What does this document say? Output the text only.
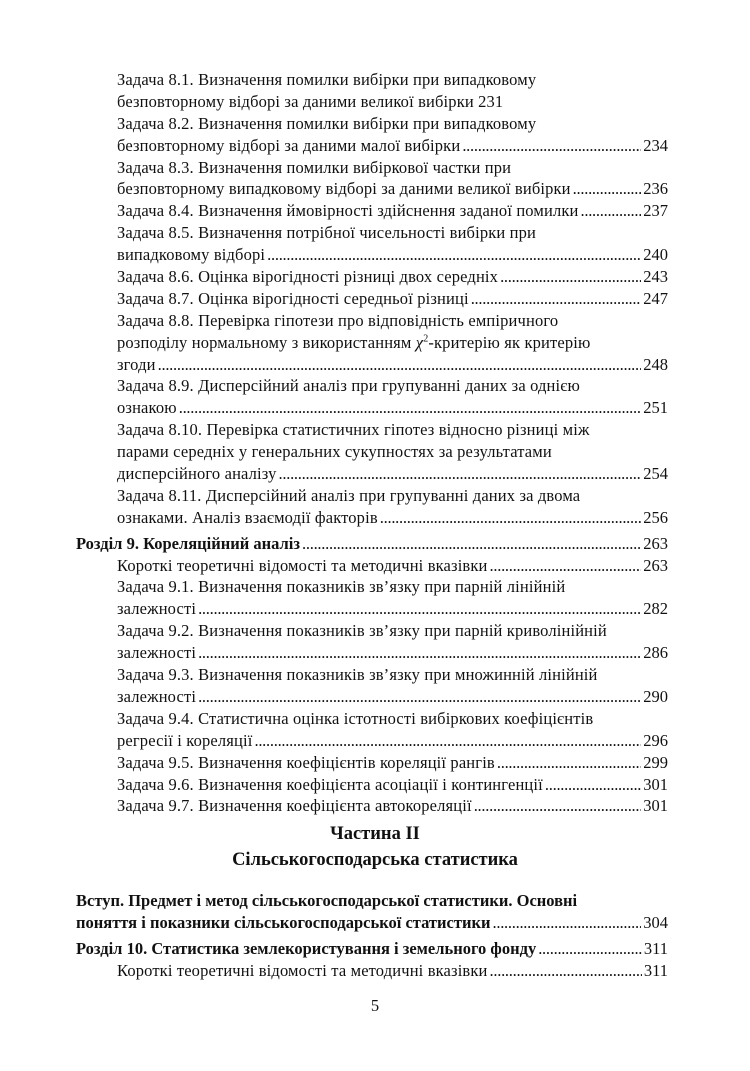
Задача 8.1. Визначення помилки вибірки при випадковому
безповторному відборі за даними великої вибірки 231
Задача 8.2. Визначення помилки вибірки при випадковому
безповторному відборі за даними малої вибірки . . .	234
Задача 8.3. Визначення помилки вибіркової частки при
безповторному випадковому відборі за даними великої вибірки . . .	236
Задача 8.4. Визначення ймовірності здійснення заданої помилки . . .	237
Задача 8.5. Визначення потрібної чисельності вибірки при
випадковому відборі . . .	240
Задача 8.6. Оцінка вірогідності різниці двох середніх . . .	243
Задача 8.7. Оцінка вірогідності середньої різниці . . .	247
Задача 8.8. Перевірка гіпотези про відповідність емпіричного
розподілу нормальному з використанням $\chi^2$-критерію як критерію
згоди . . .	248
Задача 8.9. Дисперсійний аналіз при групуванні даних за однією
ознакою . . .	251
Задача 8.10. Перевірка статистичних гіпотез відносно різниці між
парами середніх у генеральних сукупностях за результатами
дисперсійного аналізу . . .	254
Задача 8.11. Дисперсійний аналіз при групуванні даних за двома
ознаками. Аналіз взаємодії факторів . . .	256
Розділ 9. Кореляційний аналіз . . .	263
Короткі теоретичні відомості та методичні вказівки . . .	263
Задача 9.1. Визначення показників зв’язку при парній лінійній
залежності . . .	282
Задача 9.2. Визначення показників зв’язку при парній криволінійній
залежності . . .	286
Задача 9.3. Визначення показників зв’язку при множинній лінійній
залежності . . .	290
Задача 9.4. Статистична оцінка істотності вибіркових коефіцієнтів
регресії і кореляції . . .	296
Задача 9.5. Визначення коефіцієнтів кореляції рангів . . .	299
Задача 9.6. Визначення коефіцієнта асоціації і контингенції . . .	301
Задача 9.7. Визначення коефіцієнта автокореляції . . .	301
Частина II
Сільськогосподарська статистика
Вступ. Предмет і метод сільськогосподарської статистики. Основні
поняття і показники сільськогосподарської статистики . . .	304
Розділ 10. Статистика землекористування і земельного фонду . . .	311
Короткі теоретичні відомості та методичні вказівки . . .	311
5
